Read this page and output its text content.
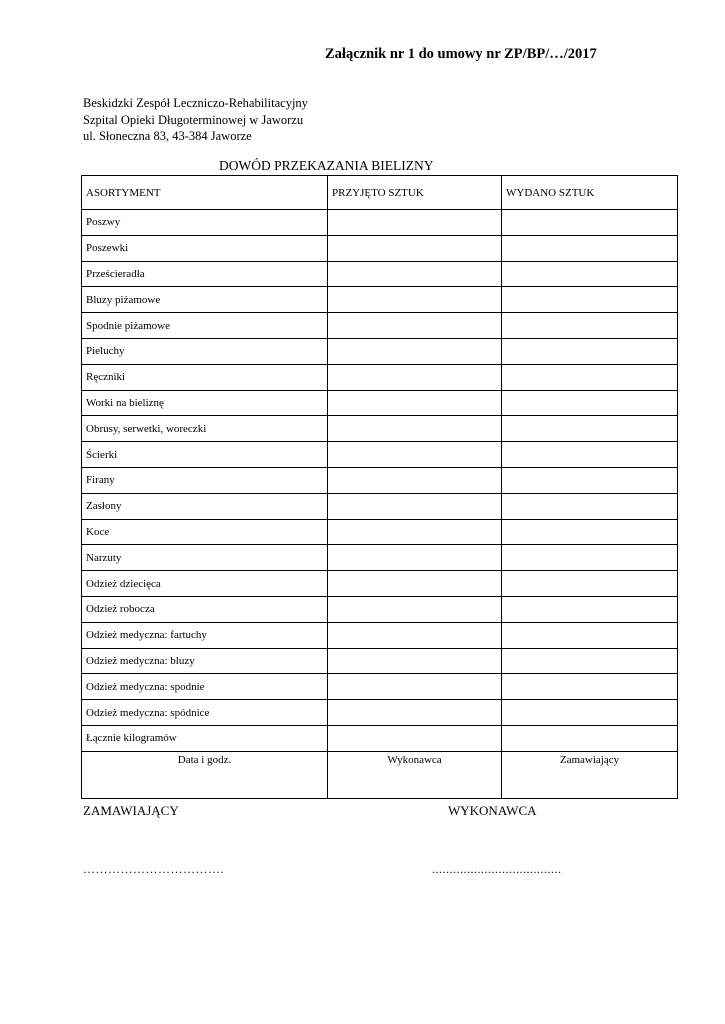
Załącznik nr 1 do umowy nr ZP/BP/…/2017
Beskidzki Zespół Leczniczo-Rehabilitacyjny
Szpital Opieki Długoterminowej w Jaworzu
ul. Słoneczna 83, 43-384 Jaworze
DOWÓD PRZEKAZANIA BIELIZNY
ASORTYMENT	PRZYJĘTO SZTUK	WYDANO SZTUK
Poszwy		
Poszewki		
Prześcieradła		
Bluzy piżamowe		
Spodnie piżamowe		
Pieluchy		
Ręczniki		
Worki na bieliznę		
Obrusy, serwetki, woreczki		
Ścierki		
Firany		
Zasłony		
Koce		
Narzuty		
Odzież dziecięca		
Odzież robocza		
Odzież medyczna: fartuchy		
Odzież medyczna: bluzy		
Odzież medyczna: spodnie		
Odzież medyczna: spódnice		
Łącznie kilogramów		
Data i godz.	Wykonawca	Zamawiający
ZAMAWIAJĄCY	WYKONAWCA
…………………………….	.....................................
